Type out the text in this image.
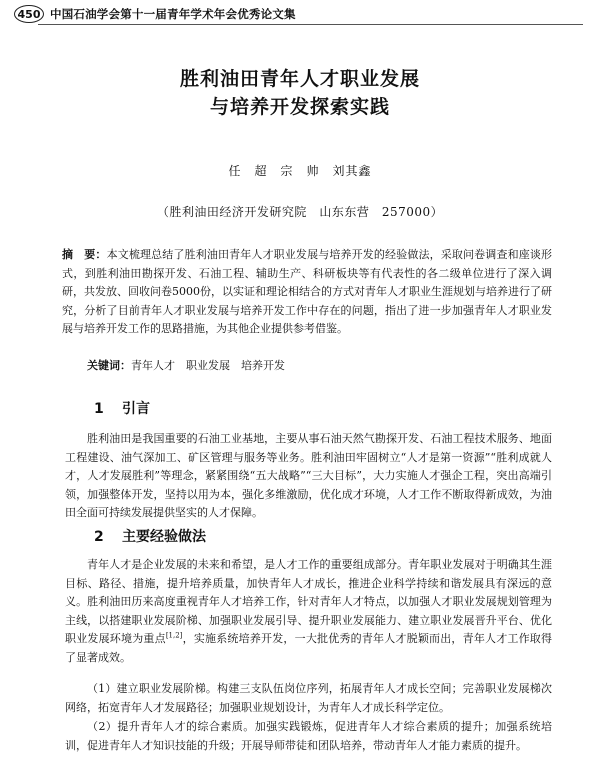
450 中国石油学会第十一届青年学术年会优秀论文集
胜利油田青年人才职业发展
与培养开发探索实践
任　超　宗　帅　刘其鑫
（胜利油田经济开发研究院　山东东营　257000）
摘　要：本文梳理总结了胜利油田青年人才职业发展与培养开发的经验做法，采取问卷调查和座谈形式，到胜利油田勘探开发、石油工程、辅助生产、科研板块等有代表性的各二级单位进行了深入调研，共发放、回收问卷5000份，以实证和理论相结合的方式对青年人才职业生涯规划与培养进行了研究，分析了目前青年人才职业发展与培养开发工作中存在的问题，指出了进一步加强青年人才职业发展与培养开发工作的思路措施，为其他企业提供参考借鉴。
关键词：青年人才　职业发展　培养开发
1 引言

胜利油田是我国重要的石油工业基地，主要从事石油天然气勘探开发、石油工程技术服务、地面工程建设、油气深加工、矿区管理与服务等业务。胜利油田牢固树立“人才是第一资源”“胜利成就人才，人才发展胜利”等理念，紧紧围绕“五大战略”“三大目标”，大力实施人才强企工程，突出高端引领，加强整体开发，坚持以用为本，强化多维激励，优化成才环境，人才工作不断取得新成效，为油田全面可持续发展提供坚实的人才保障。

2 主要经验做法

青年人才是企业发展的未来和希望，是人才工作的重要组成部分。青年职业发展对于明确其生涯目标、路径、措施，提升培养质量，加快青年人才成长，推进企业科学持续和谐发展具有深远的意义。胜利油田历来高度重视青年人才培养工作，针对青年人才特点，以加强人才职业发展规划管理为主线，以搭建职业发展阶梯、加强职业发展引导、提升职业发展能力、建立职业发展晋升平台、优化职业发展环境为重点[1,2]，实施系统培养开发，一大批优秀的青年人才脱颖而出，青年人才工作取得了显著成效。

（1）建立职业发展阶梯。构建三支队伍岗位序列，拓展青年人才成长空间；完善职业发展梯次网络，拓宽青年人才发展路径；加强职业规划设计，为青年人才成长科学定位。

（2）提升青年人才的综合素质。加强实践锻炼，促进青年人才综合素质的提升；加强系统培训，促进青年人才知识技能的升级；开展导师带徒和团队培养，带动青年人才能力素质的提升。
